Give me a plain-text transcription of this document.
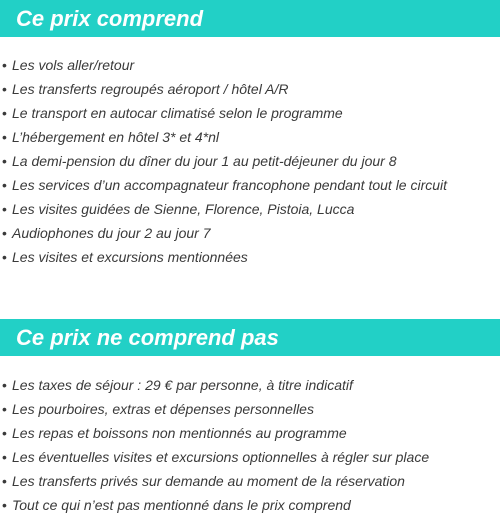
Ce prix comprend
• Les vols aller/retour
• Les transferts regroupés aéroport / hôtel A/R
• Le transport en autocar climatisé selon le programme
• L’hébergement en hôtel 3* et 4*nl
• La demi-pension du dîner du jour 1 au petit-déjeuner du jour 8
• Les services d’un accompagnateur francophone pendant tout le circuit
• Les visites guidées de Sienne, Florence, Pistoia, Lucca
• Audiophones du jour 2 au jour 7
• Les visites et excursions mentionnées
Ce prix ne comprend pas
• Les taxes de séjour : 29 € par personne, à titre indicatif
• Les pourboires, extras et dépenses personnelles
• Les repas et boissons non mentionnés au programme
• Les éventuelles visites et excursions optionnelles à régler sur place
• Les transferts privés sur demande au moment de la réservation
• Tout ce qui n’est pas mentionné dans le prix comprend
